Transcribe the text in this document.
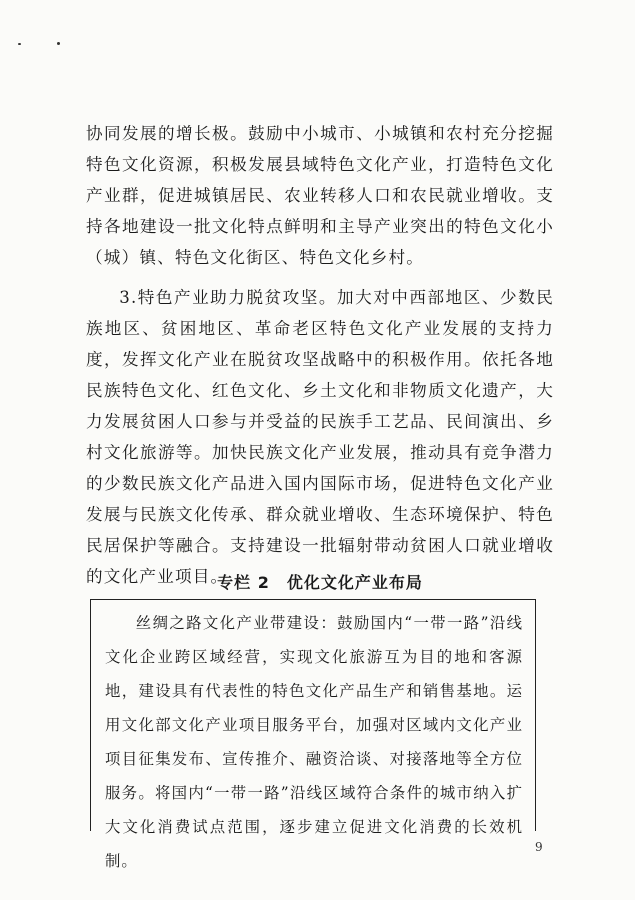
协同发展的增长极。鼓励中小城市、小城镇和农村充分挖掘特色文化资源，积极发展县域特色文化产业，打造特色文化产业群，促进城镇居民、农业转移人口和农民就业增收。支持各地建设一批文化特点鲜明和主导产业突出的特色文化小（城）镇、特色文化街区、特色文化乡村。

3.特色产业助力脱贫攻坚。加大对中西部地区、少数民族地区、贫困地区、革命老区特色文化产业发展的支持力度，发挥文化产业在脱贫攻坚战略中的积极作用。依托各地民族特色文化、红色文化、乡土文化和非物质文化遗产，大力发展贫困人口参与并受益的民族手工艺品、民间演出、乡村文化旅游等。加快民族文化产业发展，推动具有竞争潜力的少数民族文化产品进入国内国际市场，促进特色文化产业发展与民族文化传承、群众就业增收、生态环境保护、特色民居保护等融合。支持建设一批辐射带动贫困人口就业增收的文化产业项目。

专栏 2　优化文化产业布局

丝绸之路文化产业带建设：鼓励国内“一带一路”沿线文化企业跨区域经营，实现文化旅游互为目的地和客源地，建设具有代表性的特色文化产品生产和销售基地。运用文化部文化产业项目服务平台，加强对区域内文化产业项目征集发布、宣传推介、融资洽谈、对接落地等全方位服务。将国内“一带一路”沿线区域符合条件的城市纳入扩大文化消费试点范围，逐步建立促进文化消费的长效机制。

9
